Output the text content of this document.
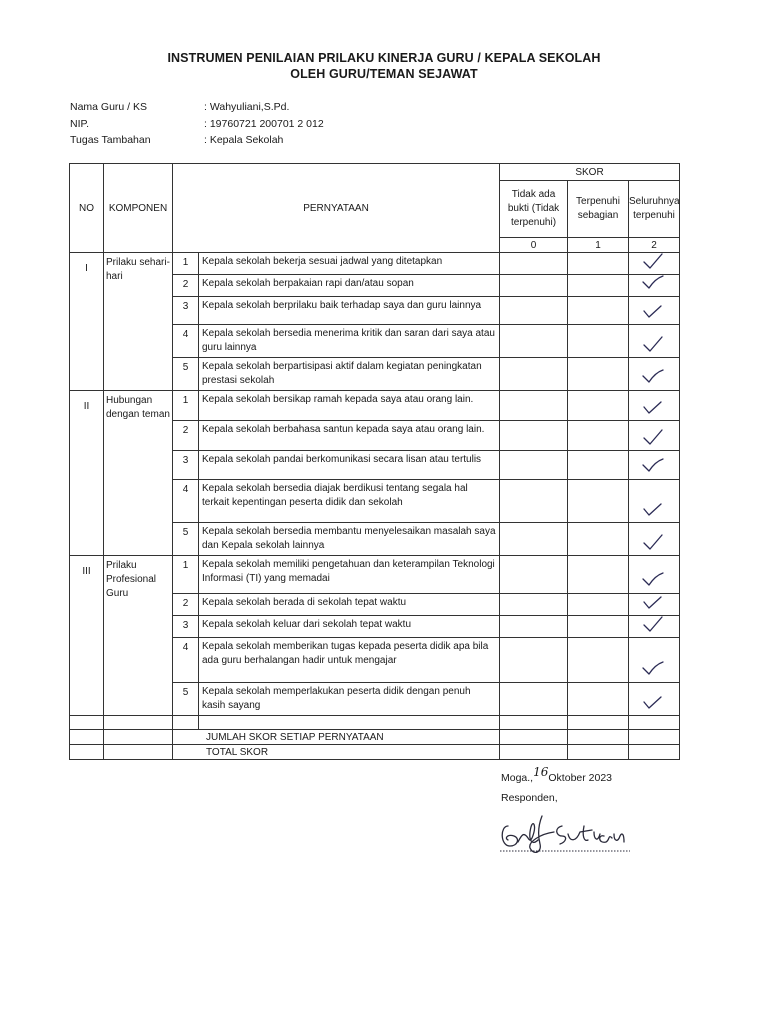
INSTRUMEN PENILAIAN PRILAKU KINERJA GURU / KEPALA SEKOLAH
OLEH GURU/TEMAN SEJAWAT
Nama Guru / KS	: Wahyuliani,S.Pd.
NIP.	: 19760721 200701 2 012
Tugas Tambahan	: Kepala Sekolah
NO	KOMPONEN	PERNYATAAN		SKOR		
				Tidak ada bukti (Tidak terpenuhi)	Terpenuhi sebagian	Seluruhnya terpenuhi
				0	1	2
I	Prilaku sehari-hari	1	Kepala sekolah bekerja sesuai jadwal yang ditetapkan			
		2	Kepala sekolah berpakaian rapi dan/atau sopan			
		3	Kepala sekolah berprilaku baik terhadap saya dan guru lainnya			
		4	Kepala sekolah bersedia menerima kritik dan saran dari saya atau guru lainnya			
		5	Kepala sekolah berpartisipasi aktif dalam kegiatan peningkatan prestasi sekolah			
II	Hubungan dengan teman	1	Kepala sekolah bersikap ramah kepada saya atau orang lain.			
		2	Kepala sekolah berbahasa santun kepada saya atau orang lain.			
		3	Kepala sekolah pandai berkomunikasi secara lisan atau tertulis			
		4	Kepala sekolah bersedia diajak berdikusi tentang segala hal terkait kepentingan peserta didik dan sekolah			
		5	Kepala sekolah bersedia membantu menyelesaikan masalah saya dan Kepala sekolah lainnya			
III	Prilaku Profesional Guru	1	Kepala sekolah memiliki pengetahuan dan keterampilan Teknologi Informasi (TI) yang memadai			
		2	Kepala sekolah berada di sekolah tepat waktu			
		3	Kepala sekolah keluar dari sekolah tepat waktu			
		4	Kepala sekolah memberikan tugas kepada peserta didik apa bila ada guru berhalangan hadir untuk mengajar			
		5	Kepala sekolah memperlakukan peserta didik dengan penuh kasih sayang			

		JUMLAH SKOR SETIAP PERNYATAAN				
		TOTAL SKOR				
Moga.,16Oktober 2023
Responden,
